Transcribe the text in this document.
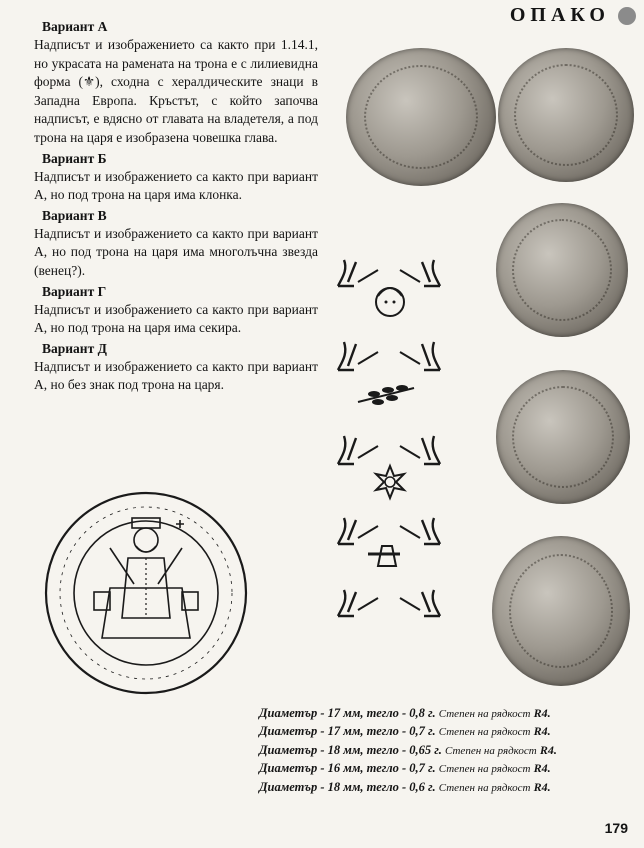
ОПАКО

Вариант А

Надписът и изображението са както при 1.14.1, но украсата на рамената на трона е с лилиевидна форма (⚜), сходна с хералдическите знаци в Западна Европа. Кръстът, с който започва надписът, е вдясно от главата на владетеля, а под трона на царя е изобразена човешка глава.

Вариант Б

Надписът и изображението са както при вариант А, но под трона на царя има клонка.

Вариант В

Надписът и изображението са както при вариант А, но под трона на царя има многолъчна звезда (венец?).

Вариант Г

Надписът и изображението са както при вариант А, но под трона на царя има секира.

Вариант Д

Надписът и изображението са както при вариант А, но без знак под трона на царя.

Диаметър - 17 мм, тегло - 0,8 г. Степен на рядкост R4.
Диаметър - 17 мм, тегло - 0,7 г. Степен на рядкост R4.
Диаметър - 18 мм, тегло - 0,65 г. Степен на рядкост R4.
Диаметър - 16 мм, тегло - 0,7 г. Степен на рядкост R4.
Диаметър - 18 мм, тегло - 0,6 г. Степен на рядкост R4.
179
